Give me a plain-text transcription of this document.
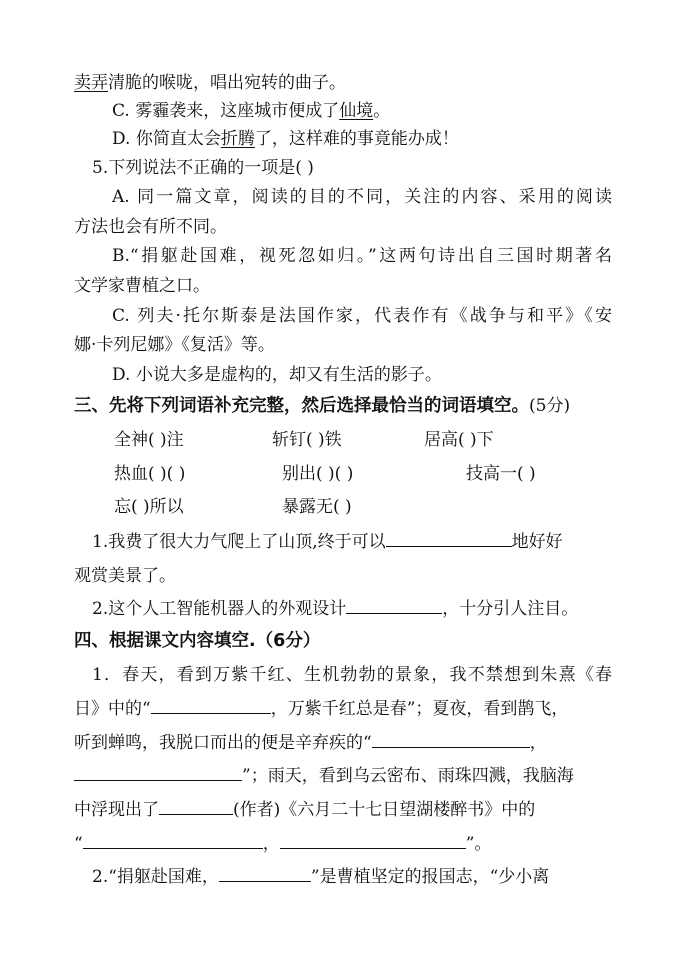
卖弄清脆的喉咙，唱出宛转的曲子。
C. 雾霾袭来，这座城市便成了仙境。
D. 你简直太会折腾了，这样难的事竟能办成！
5.下列说法不正确的一项是( )
A. 同一篇文章，阅读的目的不同，关注的内容、采用的阅读
方法也会有所不同。
B.“捐躯赴国难，视死忽如归。”这两句诗出自三国时期著名
文学家曹植之口。
C. 列夫·托尔斯泰是法国作家，代表作有《战争与和平》《安
娜·卡列尼娜》《复活》等。
D. 小说大多是虚构的，却又有生活的影子。
三、先将下列词语补充完整，然后选择最恰当的词语填空。(5分)
全神( )注	斩钉( )铁	居高( )下
热血( )( )	别出( )( )	技高一( )
忘( )所以	暴露无( )
1.我费了很大力气爬上了山顶,终于可以	地好好
观赏美景了。
2.这个人工智能机器人的外观设计	，十分引人注目。
四、根据课文内容填空.（6分）
1．春天，看到万紫千红、生机勃勃的景象，我不禁想到朱熹《春
日》中的“	，万紫千红总是春”；夏夜，看到鹊飞，
听到蝉鸣，我脱口而出的便是辛弃疾的“	，
”；雨天，看到乌云密布、雨珠四溅，我脑海
中浮现出了	(作者)《六月二十七日望湖楼醉书》中的
“	，	”。
2.“捐躯赴国难，	”是曹植坚定的报国志，“少小离
